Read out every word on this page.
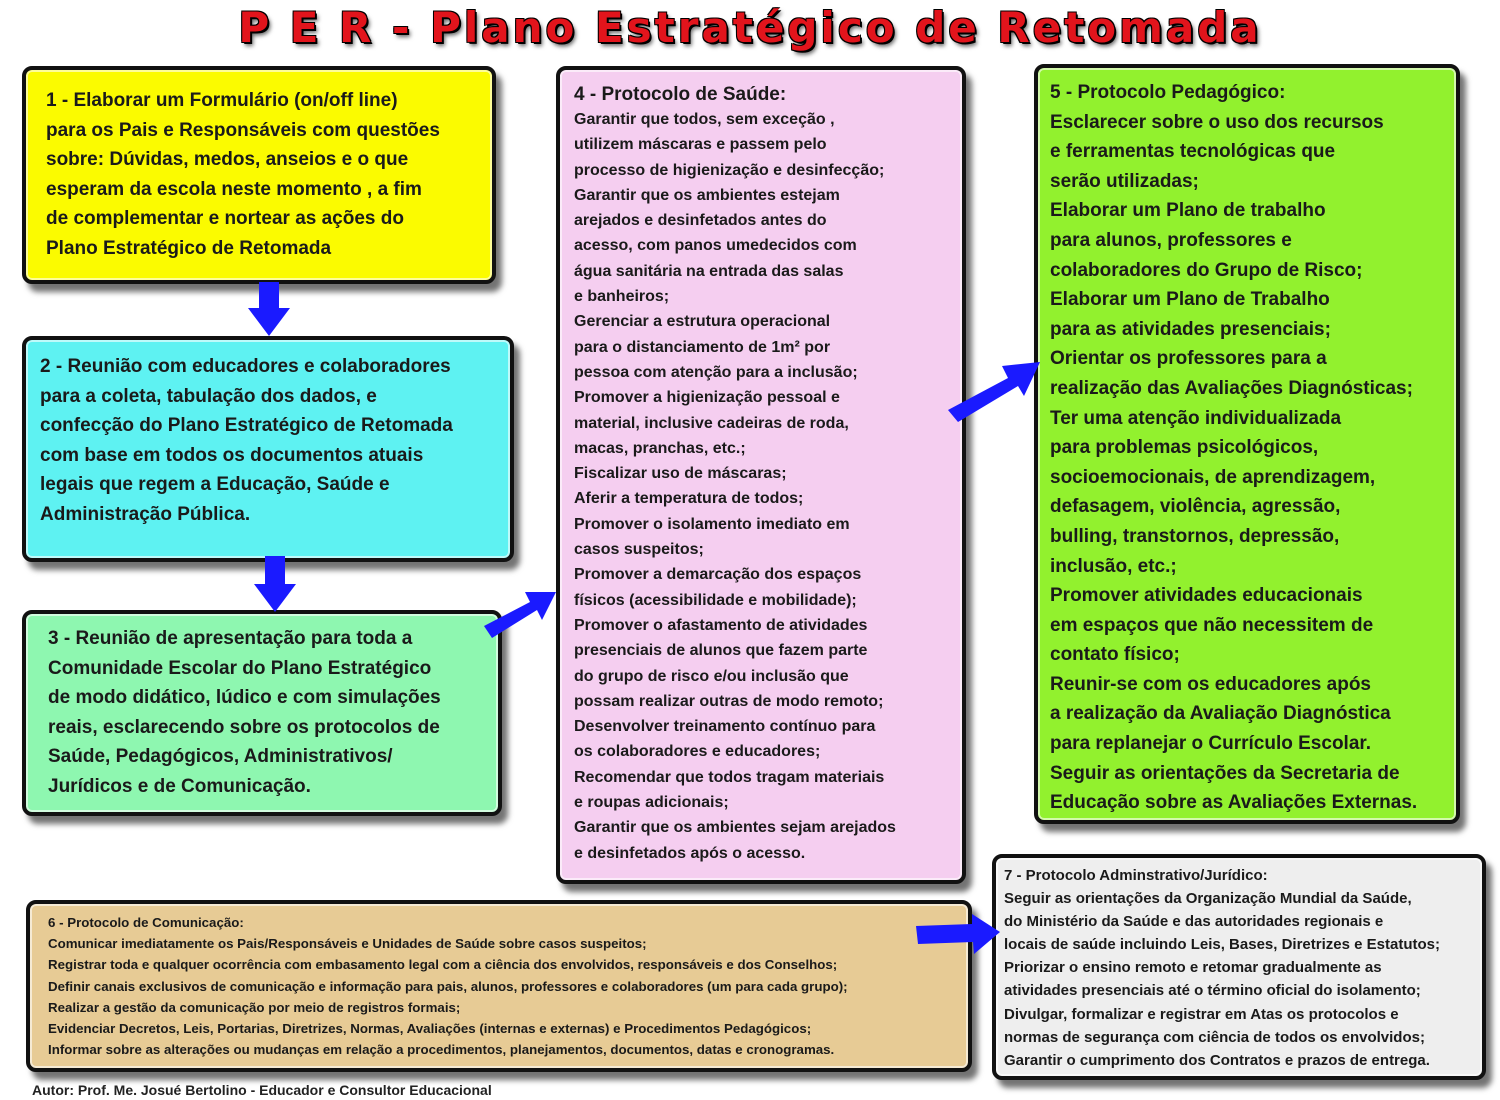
P E R - Plano Estratégico de Retomada
1 - Elaborar um Formulário (on/off line)
para os Pais e Responsáveis com questões
sobre: Dúvidas, medos, anseios e o que
esperam da escola neste momento , a fim
de complementar e nortear as ações do
Plano Estratégico de Retomada
2 - Reunião com educadores e colaboradores
para a coleta, tabulação dos dados, e
confecção do Plano Estratégico de Retomada
com base em todos os documentos atuais
legais que regem a Educação, Saúde e
Administração Pública.
3 - Reunião de apresentação para toda a
Comunidade Escolar do Plano Estratégico
de modo didático, lúdico e com simulações
reais, esclarecendo sobre os protocolos de
Saúde, Pedagógicos, Administrativos/
Jurídicos e de Comunicação.
4 - Protocolo de Saúde:
Garantir que todos, sem exceção ,
utilizem máscaras e passem pelo
processo de higienização e desinfecção;
Garantir que os ambientes estejam
arejados e desinfetados antes do
acesso, com panos umedecidos com
água sanitária na entrada das salas
e banheiros;
Gerenciar a estrutura operacional
para o distanciamento de 1m² por
pessoa com atenção para a inclusão;
Promover a higienização pessoal e
material, inclusive cadeiras de roda,
macas, pranchas, etc.;
Fiscalizar uso de máscaras;
Aferir a temperatura de todos;
Promover o isolamento imediato em
casos suspeitos;
Promover a demarcação dos espaços
físicos (acessibilidade e mobilidade);
Promover o afastamento de atividades
presenciais de alunos que fazem parte
do grupo de risco e/ou inclusão que
possam realizar outras de modo remoto;
Desenvolver treinamento contínuo para
os colaboradores e educadores;
Recomendar que todos tragam materiais
e roupas adicionais;
Garantir que os ambientes sejam arejados
e desinfetados após o acesso.
5 - Protocolo Pedagógico:
Esclarecer sobre o uso dos recursos
e ferramentas tecnológicas que
serão utilizadas;
Elaborar um Plano de trabalho
para alunos, professores e
colaboradores do Grupo de Risco;
Elaborar um Plano de Trabalho
para as atividades presenciais;
Orientar os professores para a
realização das Avaliações Diagnósticas;
Ter uma atenção individualizada
para problemas psicológicos,
socioemocionais, de aprendizagem,
defasagem, violência, agressão,
bulling, transtornos, depressão,
inclusão, etc.;
Promover atividades educacionais
em espaços que não necessitem de
contato físico;
Reunir-se com os educadores após
a realização da Avaliação Diagnóstica
para replanejar o Currículo Escolar.
Seguir as orientações da Secretaria de
Educação sobre as Avaliações Externas.
6 - Protocolo de Comunicação:
Comunicar imediatamente os Pais/Responsáveis e Unidades de Saúde sobre casos suspeitos;
Registrar toda e qualquer ocorrência com embasamento legal com a ciência dos envolvidos, responsáveis e dos Conselhos;
Definir canais exclusivos de comunicação e informação para pais, alunos, professores e colaboradores (um para cada grupo);
Realizar a gestão da comunicação por meio de registros formais;
Evidenciar Decretos, Leis, Portarias, Diretrizes, Normas, Avaliações (internas e externas) e Procedimentos Pedagógicos;
Informar sobre as alterações ou mudanças em relação a procedimentos, planejamentos, documentos, datas e cronogramas.
7 - Protocolo Adminstrativo/Jurídico:
Seguir as orientações da Organização Mundial da Saúde,
do Ministério da Saúde e das autoridades regionais e
locais de saúde incluindo Leis, Bases, Diretrizes e Estatutos;
Priorizar o ensino remoto e retomar gradualmente as
atividades presenciais até o término oficial do isolamento;
Divulgar, formalizar e registrar em Atas os protocolos e
normas de segurança com ciência de todos os envolvidos;
Garantir o cumprimento dos Contratos e prazos de entrega.
Autor: Prof. Me. Josué Bertolino - Educador e Consultor Educacional
